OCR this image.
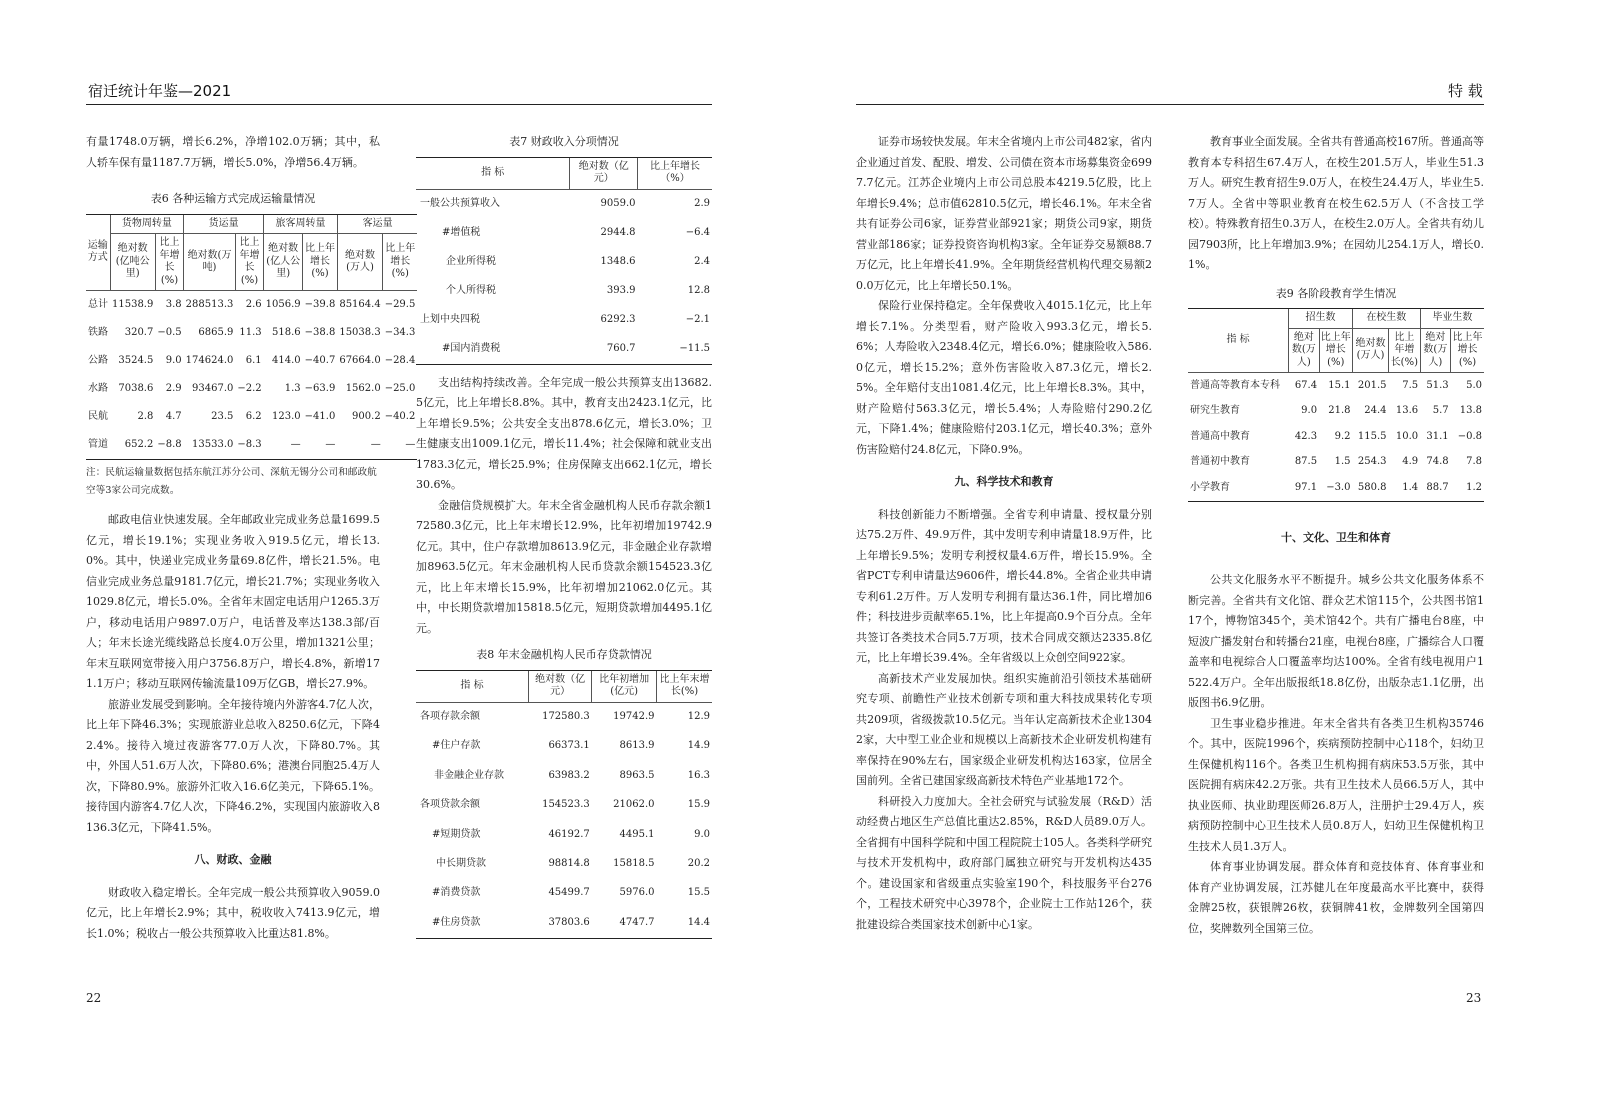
宿迁统计年鉴—2021

有量1748.0万辆，增长6.2%，净增102.0万辆；其中，私人轿车保有量1187.7万辆，增长5.0%，净增56.4万辆。

表6 各种运输方式完成运输量情况
运输方式	货物周转量		货运量		旅客周转量		客运量	
	绝对数(亿吨公里)	比上年增长(%)	绝对数(万吨)	比上年增长(%)	绝对数(亿人公里)	比上年增长(%)	绝对数(万人)	比上年增长(%)
总计	11538.9	3.8	288513.3	2.6	1056.9	−39.8	85164.4	−29.5
铁路	320.7	−0.5	6865.9	11.3	518.6	−38.8	15038.3	−34.3
公路	3524.5	9.0	174624.0	6.1	414.0	−40.7	67664.0	−28.4
水路	7038.6	2.9	93467.0	−2.2	1.3	−63.9	1562.0	−25.0
民航	2.8	4.7	23.5	6.2	123.0	−41.0	900.2	−40.2
管道	652.2	−8.8	13533.0	−8.3	—	—	—	—
注：民航运输量数据包括东航江苏分公司、深航无锡分公司和邮政航空等3家公司完成数。

邮政电信业快速发展。全年邮政业完成业务总量1699.5亿元，增长19.1%；实现业务收入919.5亿元，增长13.0%。其中，快递业完成业务量69.8亿件，增长21.5%。电信业完成业务总量9181.7亿元，增长21.7%；实现业务收入1029.8亿元，增长5.0%。全省年末固定电话用户1265.3万户，移动电话用户9897.0万户，电话普及率达138.3部/百人；年末长途光缆线路总长度4.0万公里，增加1321公里；年末互联网宽带接入用户3756.8万户，增长4.8%，新增171.1万户；移动互联网传输流量109万亿GB，增长27.9%。

旅游业发展受到影响。全年接待境内外游客4.7亿人次，比上年下降46.3%；实现旅游业总收入8250.6亿元，下降42.4%。接待入境过夜游客77.0万人次，下降80.7%。其中，外国人51.6万人次，下降80.6%；港澳台同胞25.4万人次，下降80.9%。旅游外汇收入16.6亿美元，下降65.1%。接待国内游客4.7亿人次，下降46.2%，实现国内旅游收入8136.3亿元，下降41.5%。

八、财政、金融

财政收入稳定增长。全年完成一般公共预算收入9059.0亿元，比上年增长2.9%；其中，税收收入7413.9亿元，增长1.0%；税收占一般公共预算收入比重达81.8%。

表7 财政收入分项情况
指 标	绝对数（亿元）	比上年增长（%）
一般公共预算收入	9059.0	2.9
#增值税	2944.8	−6.4
企业所得税	1348.6	2.4
个人所得税	393.9	12.8
上划中央四税	6292.3	−2.1
#国内消费税	760.7	−11.5

支出结构持续改善。全年完成一般公共预算支出13682.5亿元，比上年增长8.8%。其中，教育支出2423.1亿元，比上年增长9.5%；公共安全支出878.6亿元，增长3.0%；卫生健康支出1009.1亿元，增长11.4%；社会保障和就业支出1783.3亿元，增长25.9%；住房保障支出662.1亿元，增长30.6%。

金融信贷规模扩大。年末全省金融机构人民币存款余额172580.3亿元，比上年末增长12.9%，比年初增加19742.9亿元。其中，住户存款增加8613.9亿元，非金融企业存款增加8963.5亿元。年末金融机构人民币贷款余额154523.3亿元，比上年末增长15.9%，比年初增加21062.0亿元。其中，中长期贷款增加15818.5亿元，短期贷款增加4495.1亿元。

表8 年末金融机构人民币存贷款情况
指 标	绝对数（亿元）	比年初增加(亿元)	比上年末增长(%)
各项存款余额	172580.3	19742.9	12.9
#住户存款	66373.1	8613.9	14.9
非金融企业存款	63983.2	8963.5	16.3
各项贷款余额	154523.3	21062.0	15.9
#短期贷款	46192.7	4495.1	9.0
中长期贷款	98814.8	15818.5	20.2
#消费贷款	45499.7	5976.0	15.5
#住房贷款	37803.6	4747.7	14.4
22
特 载

证券市场较快发展。年末全省境内上市公司482家，省内企业通过首发、配股、增发、公司债在资本市场募集资金6997.7亿元。江苏企业境内上市公司总股本4219.5亿股，比上年增长9.4%；总市值62810.5亿元，增长46.1%。年末全省共有证券公司6家，证券营业部921家；期货公司9家，期货营业部186家；证券投资咨询机构3家。全年证券交易额88.7万亿元，比上年增长41.9%。全年期货经营机构代理交易额20.0万亿元，比上年增长50.1%。

保险行业保持稳定。全年保费收入4015.1亿元，比上年增长7.1%。分类型看，财产险收入993.3亿元，增长5.6%；人寿险收入2348.4亿元，增长6.0%；健康险收入586.0亿元，增长15.2%；意外伤害险收入87.3亿元，增长2.5%。全年赔付支出1081.4亿元，比上年增长8.3%。其中，财产险赔付563.3亿元，增长5.4%；人寿险赔付290.2亿元，下降1.4%；健康险赔付203.1亿元，增长40.3%；意外伤害险赔付24.8亿元，下降0.9%。

九、科学技术和教育

科技创新能力不断增强。全省专利申请量、授权量分别达75.2万件、49.9万件，其中发明专利申请量18.9万件，比上年增长9.5%；发明专利授权量4.6万件，增长15.9%。全省PCT专利申请量达9606件，增长44.8%。全省企业共申请专利61.2万件。万人发明专利拥有量达36.1件，同比增加6件；科技进步贡献率65.1%，比上年提高0.9个百分点。全年共签订各类技术合同5.7万项，技术合同成交额达2335.8亿元，比上年增长39.4%。全年省级以上众创空间922家。

高新技术产业发展加快。组织实施前沿引领技术基础研究专项、前瞻性产业技术创新专项和重大科技成果转化专项共209项，省级拨款10.5亿元。当年认定高新技术企业13042家，大中型工业企业和规模以上高新技术企业研发机构建有率保持在90%左右，国家级企业研发机构达163家，位居全国前列。全省已建国家级高新技术特色产业基地172个。

科研投入力度加大。全社会研究与试验发展（R&D）活动经费占地区生产总值比重达2.85%，R&D人员89.0万人。全省拥有中国科学院和中国工程院院士105人。各类科学研究与技术开发机构中，政府部门属独立研究与开发机构达435个。建设国家和省级重点实验室190个，科技服务平台276个，工程技术研究中心3978个，企业院士工作站126个，获批建设综合类国家技术创新中心1家。

教育事业全面发展。全省共有普通高校167所。普通高等教育本专科招生67.4万人，在校生201.5万人，毕业生51.3万人。研究生教育招生9.0万人，在校生24.4万人，毕业生5.7万人。全省中等职业教育在校生62.5万人（不含技工学校）。特殊教育招生0.3万人，在校生2.0万人。全省共有幼儿园7903所，比上年增加3.9%；在园幼儿254.1万人，增长0.1%。

表9 各阶段教育学生情况
指 标	招生数		在校生数		毕业生数	
	绝对数(万人)	比上年增长(%)	绝对数(万人)	比上年增长(%)	绝对数(万人)	比上年增长(%)
普通高等教育本专科	67.4	15.1	201.5	7.5	51.3	5.0
研究生教育	9.0	21.8	24.4	13.6	5.7	13.8
普通高中教育	42.3	9.2	115.5	10.0	31.1	−0.8
普通初中教育	87.5	1.5	254.3	4.9	74.8	7.8
小学教育	97.1	−3.0	580.8	1.4	88.7	1.2
十、文化、卫生和体育

公共文化服务水平不断提升。城乡公共文化服务体系不断完善。全省共有文化馆、群众艺术馆115个，公共图书馆117个，博物馆345个，美术馆42个。共有广播电台8座，中短波广播发射台和转播台21座，电视台8座，广播综合人口覆盖率和电视综合人口覆盖率均达100%。全省有线电视用户1522.4万户。全年出版报纸18.8亿份，出版杂志1.1亿册，出版图书6.9亿册。

卫生事业稳步推进。年末全省共有各类卫生机构35746个。其中，医院1996个，疾病预防控制中心118个，妇幼卫生保健机构116个。各类卫生机构拥有病床53.5万张，其中医院拥有病床42.2万张。共有卫生技术人员66.5万人，其中执业医师、执业助理医师26.8万人，注册护士29.4万人，疾病预防控制中心卫生技术人员0.8万人，妇幼卫生保健机构卫生技术人员1.3万人。

体育事业协调发展。群众体育和竞技体育、体育事业和体育产业协调发展，江苏健儿在年度最高水平比赛中，获得金牌25枚，获银牌26枚，获铜牌41枚，金牌数列全国第四位，奖牌数列全国第三位。

23
